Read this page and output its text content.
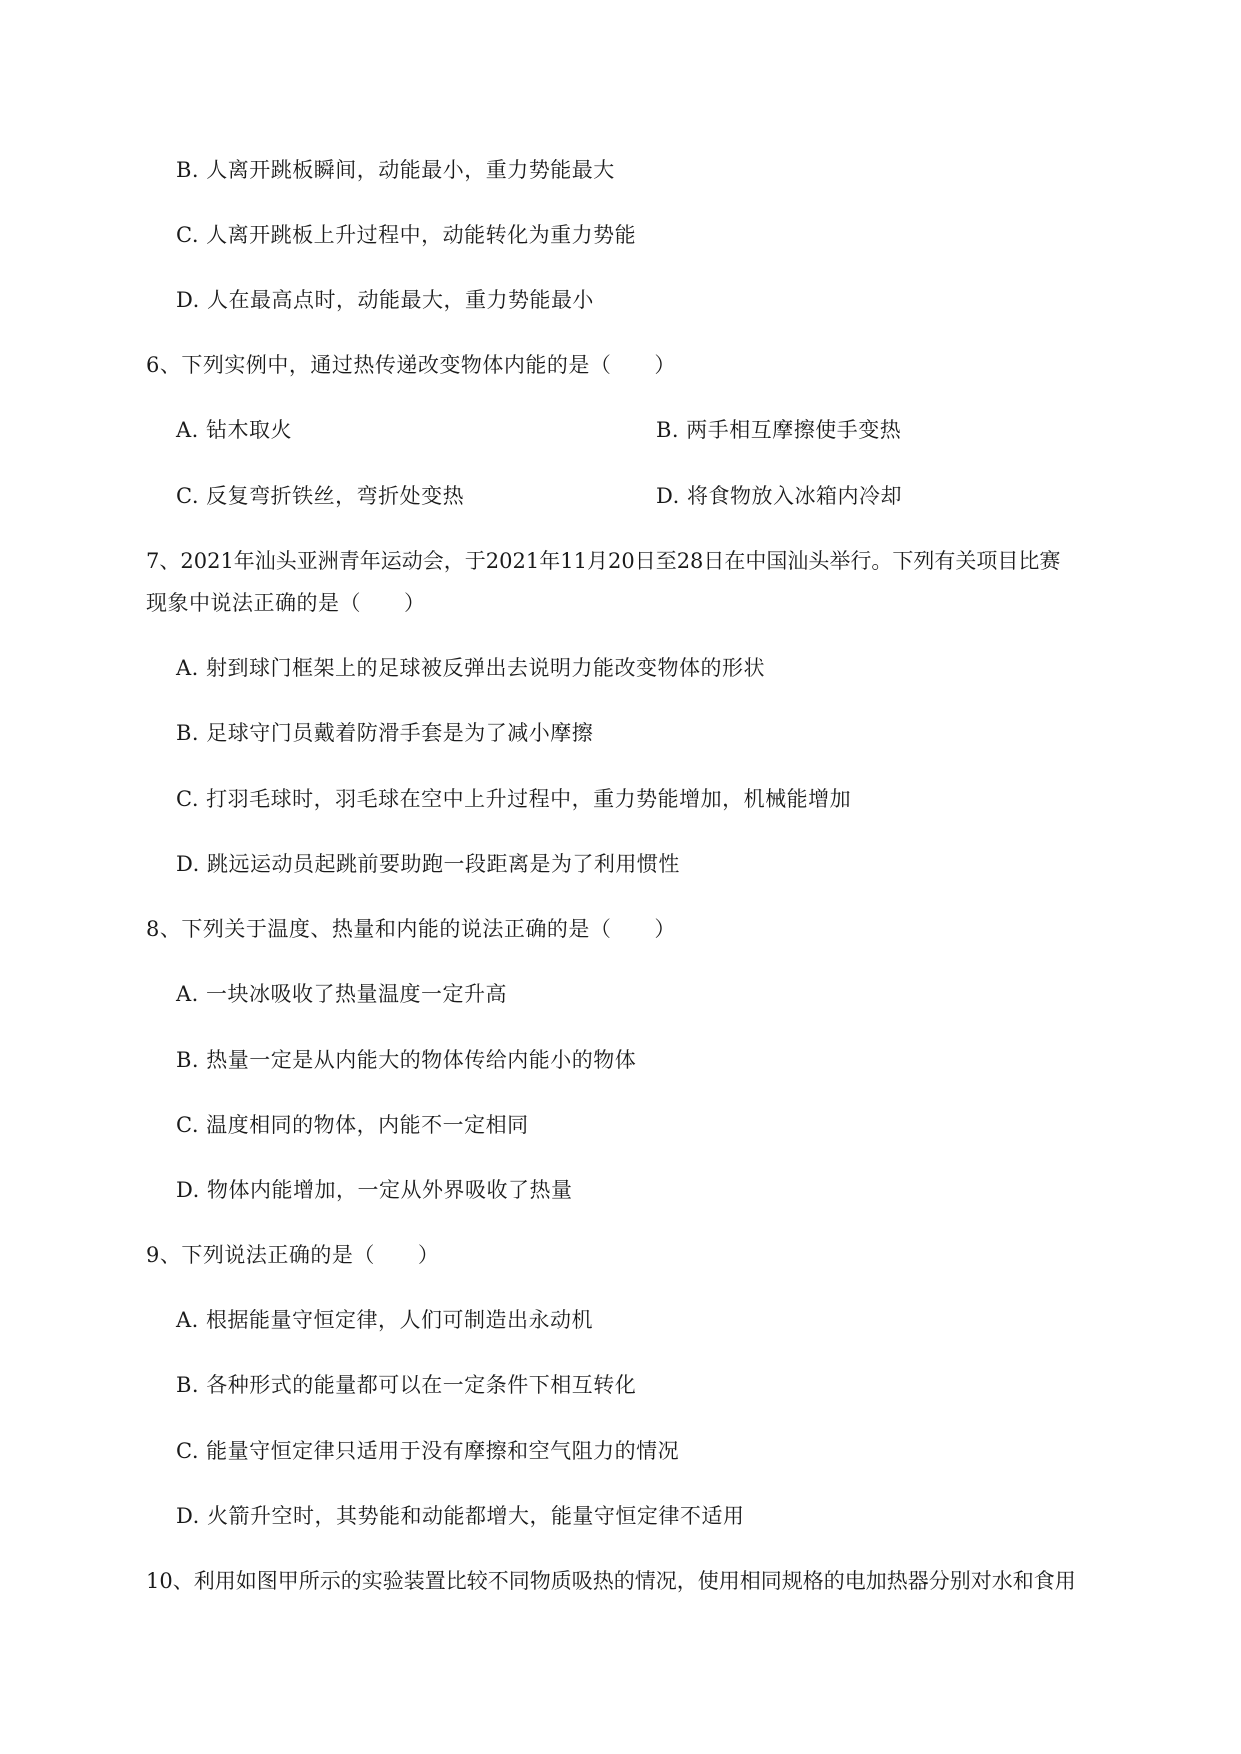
B. 人离开跳板瞬间，动能最小，重力势能最大
C. 人离开跳板上升过程中，动能转化为重力势能
D. 人在最高点时，动能最大，重力势能最小
6、下列实例中，通过热传递改变物体内能的是（　　）
A. 钻木取火	B. 两手相互摩擦使手变热
C. 反复弯折铁丝，弯折处变热	D. 将食物放入冰箱内冷却
7、2021年汕头亚洲青年运动会，于2021年11月20日至28日在中国汕头举行。下列有关项目比赛
现象中说法正确的是（　　）
A. 射到球门框架上的足球被反弹出去说明力能改变物体的形状
B. 足球守门员戴着防滑手套是为了减小摩擦
C. 打羽毛球时，羽毛球在空中上升过程中，重力势能增加，机械能增加
D. 跳远运动员起跳前要助跑一段距离是为了利用惯性
8、下列关于温度、热量和内能的说法正确的是（　　）
A. 一块冰吸收了热量温度一定升高
B. 热量一定是从内能大的物体传给内能小的物体
C. 温度相同的物体，内能不一定相同
D. 物体内能增加，一定从外界吸收了热量
9、下列说法正确的是（　　）
A. 根据能量守恒定律，人们可制造出永动机
B. 各种形式的能量都可以在一定条件下相互转化
C. 能量守恒定律只适用于没有摩擦和空气阻力的情况
D. 火箭升空时，其势能和动能都增大，能量守恒定律不适用
10、利用如图甲所示的实验装置比较不同物质吸热的情况，使用相同规格的电加热器分别对水和食用
